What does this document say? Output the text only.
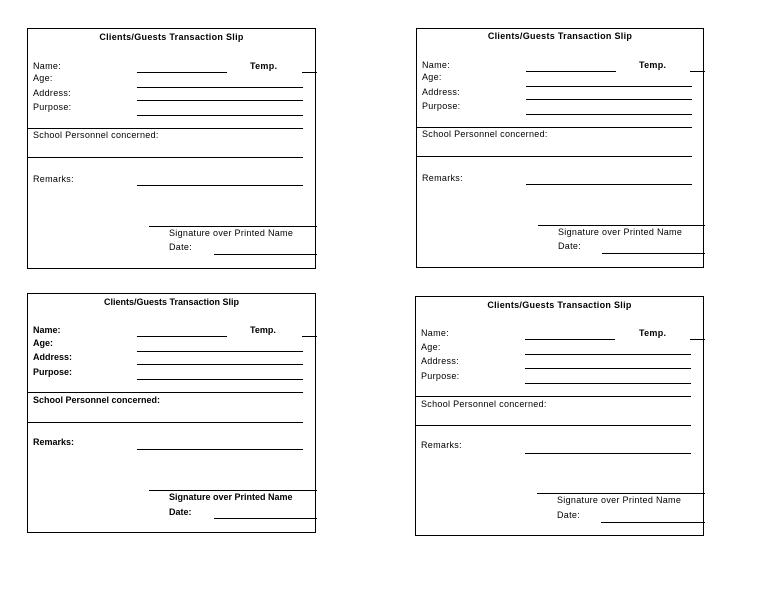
Clients/Guests Transaction Slip
Name:	Temp.
Age:
Address:
Purpose:
School Personnel concerned:
Remarks:
Signature over Printed Name
Date:
Clients/Guests Transaction Slip
Name:	Temp.
Age:
Address:
Purpose:
School Personnel concerned:
Remarks:
Signature over Printed Name
Date:
Clients/Guests Transaction Slip
Name:	Temp.
Age:
Address:
Purpose:
School Personnel concerned:
Remarks:
Signature over Printed Name
Date:
Clients/Guests Transaction Slip
Name:	Temp.
Age:
Address:
Purpose:
School Personnel concerned:
Remarks:
Signature over Printed Name
Date:
